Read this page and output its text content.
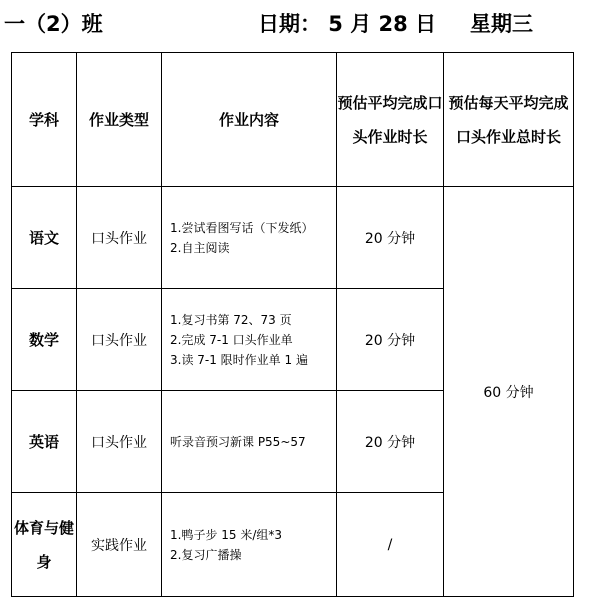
一（2）班	日期： 5 月 28 日 星期三
学科	作业类型	作业内容	预估平均完成口头作业时长	预估每天平均完成口头作业总时长
语文	口头作业	1.尝试看图写话（下发纸）
2.自主阅读	20 分钟	60 分钟
数学	口头作业	1.复习书第 72、73 页
2.完成 7-1 口头作业单
3.读 7-1 限时作业单 1 遍	20 分钟	
英语	口头作业	听录音预习新课 P55~57	20 分钟	
体育与健身	实践作业	1.鸭子步 15 米/组*3
2.复习广播操	/	
